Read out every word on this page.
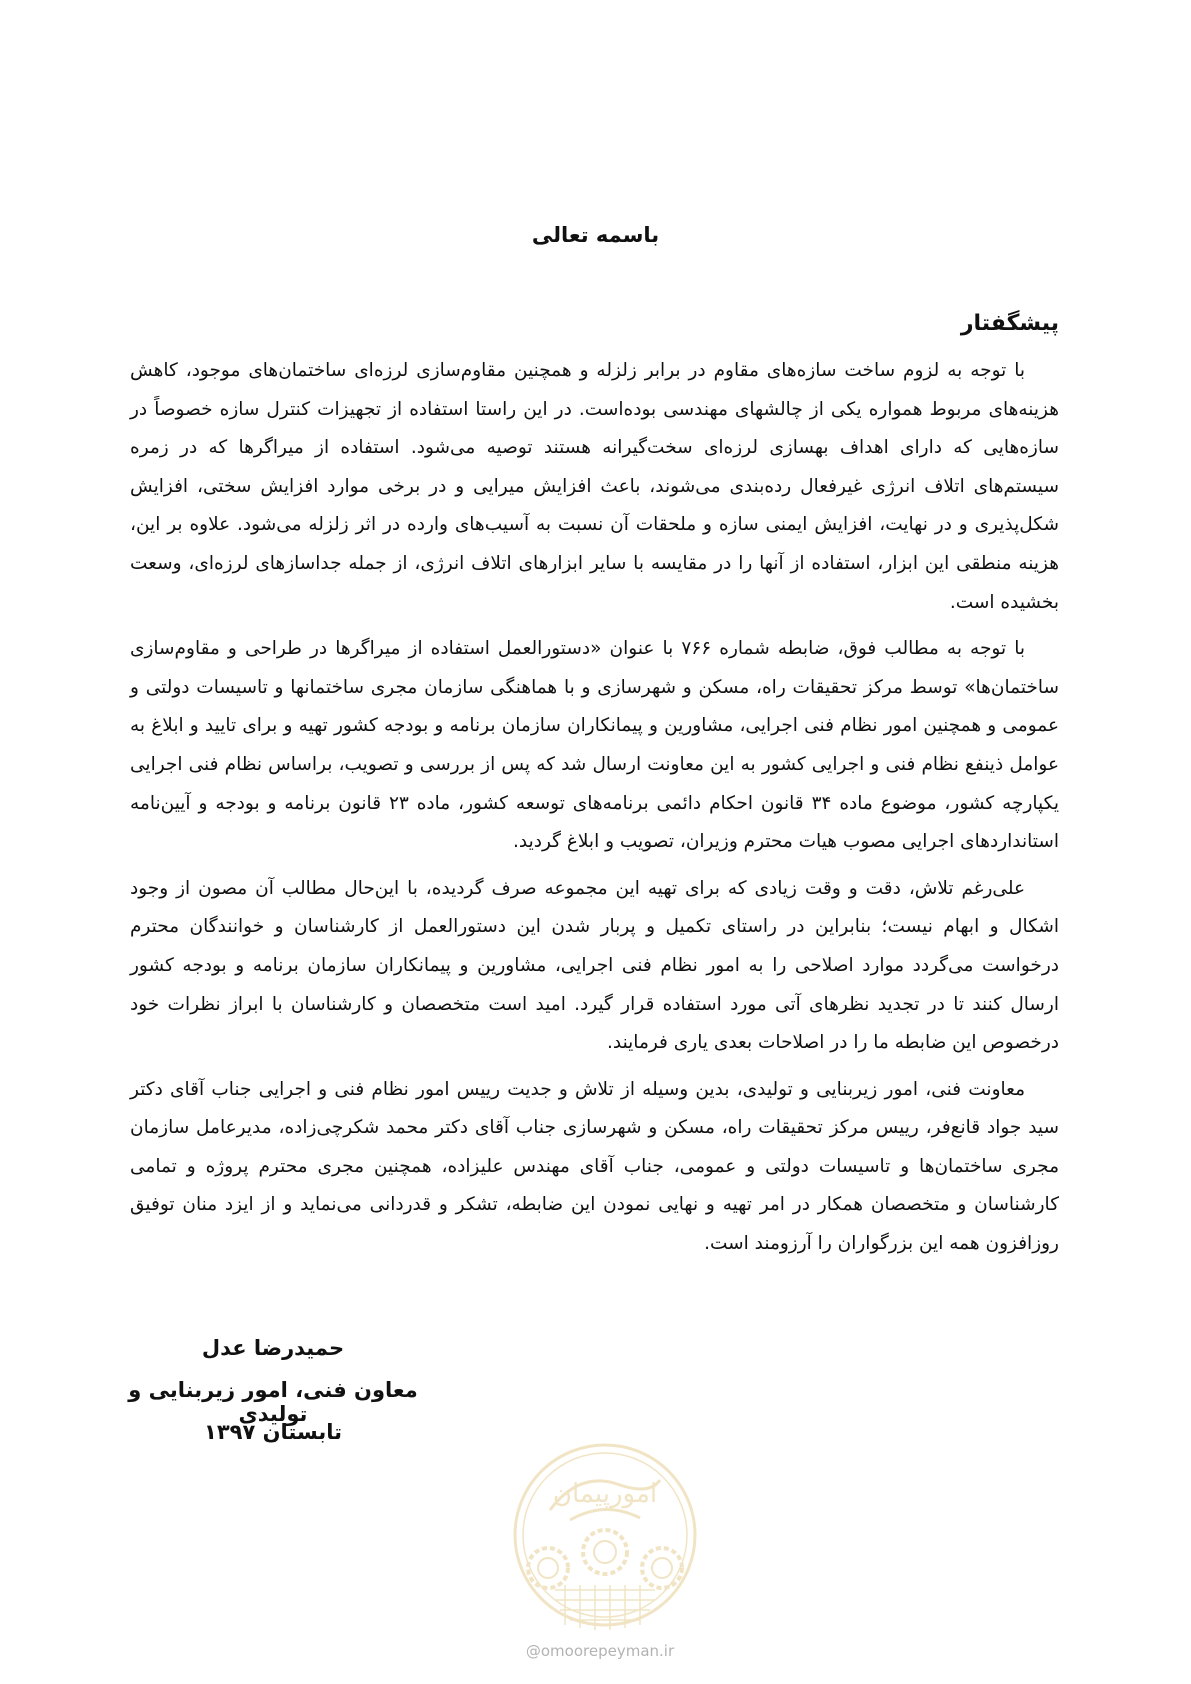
باسمه تعالی
پیشگفتار

با توجه به لزوم ساخت سازه‌های مقاوم در برابر زلزله و همچنین مقاوم‌سازی لرزه‌ای ساختمان‌های موجود، کاهش هزینه‌های مربوط همواره یکی از چالشهای مهندسی بوده‌است. در این راستا استفاده از تجهیزات کنترل سازه خصوصاً در سازه‌هایی که دارای اهداف بهسازی لرزه‌ای سخت‌گیرانه هستند توصیه می‌شود. استفاده از میراگرها که در زمره سیستم‌های اتلاف انرژی غیرفعال رده‌بندی می‌شوند، باعث افزایش میرایی و در برخی موارد افزایش سختی، افزایش شکل‌پذیری و در نهایت، افزایش ایمنی سازه و ملحقات آن نسبت به آسیب‌های وارده در اثر زلزله می‌شود. علاوه بر این، هزینه منطقی این ابزار، استفاده از آنها را در مقایسه با سایر ابزارهای اتلاف انرژی، از جمله جداسازهای لرزه‌ای، وسعت بخشیده است.

با توجه به مطالب فوق، ضابطه شماره ۷۶۶ با عنوان «دستورالعمل استفاده از میراگرها در طراحی و مقاوم‌سازی ساختمان‌ها» توسط مرکز تحقیقات راه، مسکن و شهرسازی و با هماهنگی سازمان مجری ساختمانها و تاسیسات دولتی و عمومی و همچنین امور نظام فنی اجرایی، مشاورین و پیمانکاران سازمان برنامه و بودجه کشور تهیه و برای تایید و ابلاغ به عوامل ذینفع نظام فنی و اجرایی کشور به این معاونت ارسال شد که پس از بررسی و تصویب، براساس نظام فنی اجرایی یکپارچه کشور، موضوع ماده ۳۴ قانون احکام دائمی برنامه‌های توسعه کشور، ماده ۲۳ قانون برنامه و بودجه و آیین‌نامه استانداردهای اجرایی مصوب هیات محترم وزیران، تصویب و ابلاغ گردید.

علی‌رغم تلاش، دقت و وقت زیادی که برای تهیه این مجموعه صرف گردیده، با این‌حال مطالب آن مصون از وجود اشکال و ابهام نیست؛ بنابراین در راستای تکمیل و پربار شدن این دستورالعمل از کارشناسان و خوانندگان محترم درخواست می‌گردد موارد اصلاحی را به امور نظام فنی اجرایی، مشاورین و پیمانکاران سازمان برنامه و بودجه کشور ارسال کنند تا در تجدید نظرهای آتی مورد استفاده قرار گیرد. امید است متخصصان و کارشناسان با ابراز نظرات خود درخصوص این ضابطه ما را در اصلاحات بعدی یاری فرمایند.

معاونت فنی، امور زیربنایی و تولیدی، بدین وسیله از تلاش و جدیت رییس امور نظام فنی و اجرایی جناب آقای دکتر سید جواد قانع‌فر، رییس مرکز تحقیقات راه، مسکن و شهرسازی جناب آقای دکتر محمد شکرچی‌زاده، مدیرعامل سازمان مجری ساختمان‌ها و تاسیسات دولتی و عمومی، جناب آقای مهندس علیزاده، همچنین مجری محترم پروژه و تمامی کارشناسان و متخصصان همکار در امر تهیه و نهایی نمودن این ضابطه، تشکر و قدردانی می‌نماید و از ایزد منان توفیق روزافزون همه این بزرگواران را آرزومند است.

حمیدرضا عدل
معاون فنی، امور زیربنایی و تولیدی
تابستان ۱۳۹۷
امورپیمان
@omoorepeyman.ir
